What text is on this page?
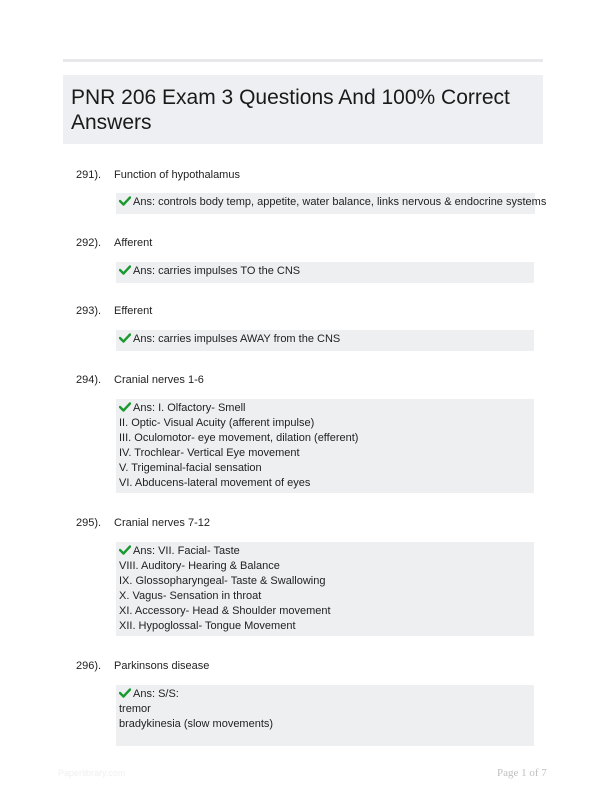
PNR 206 Exam 3 Questions And 100% Correct Answers
291). Function of hypothalamus
Ans: controls body temp, appetite, water balance, links nervous & endocrine systems
292). Afferent
Ans: carries impulses TO the CNS
293). Efferent
Ans: carries impulses AWAY from the CNS
294). Cranial nerves 1-6
Ans: I. Olfactory- Smell
II. Optic- Visual Acuity (afferent impulse)
III. Oculomotor- eye movement, dilation (efferent)
IV. Trochlear- Vertical Eye movement
V. Trigeminal-facial sensation
VI. Abducens-lateral movement of eyes
295). Cranial nerves 7-12
Ans: VII. Facial- Taste
VIII. Auditory- Hearing & Balance
IX. Glossopharyngeal- Taste & Swallowing
X. Vagus- Sensation in throat
XI. Accessory- Head & Shoulder movement
XII. Hypoglossal- Tongue Movement
296). Parkinsons disease
Ans: S/S:
tremor
bradykinesia (slow movements)
Paperlibrary.com	Page 1 of 7
